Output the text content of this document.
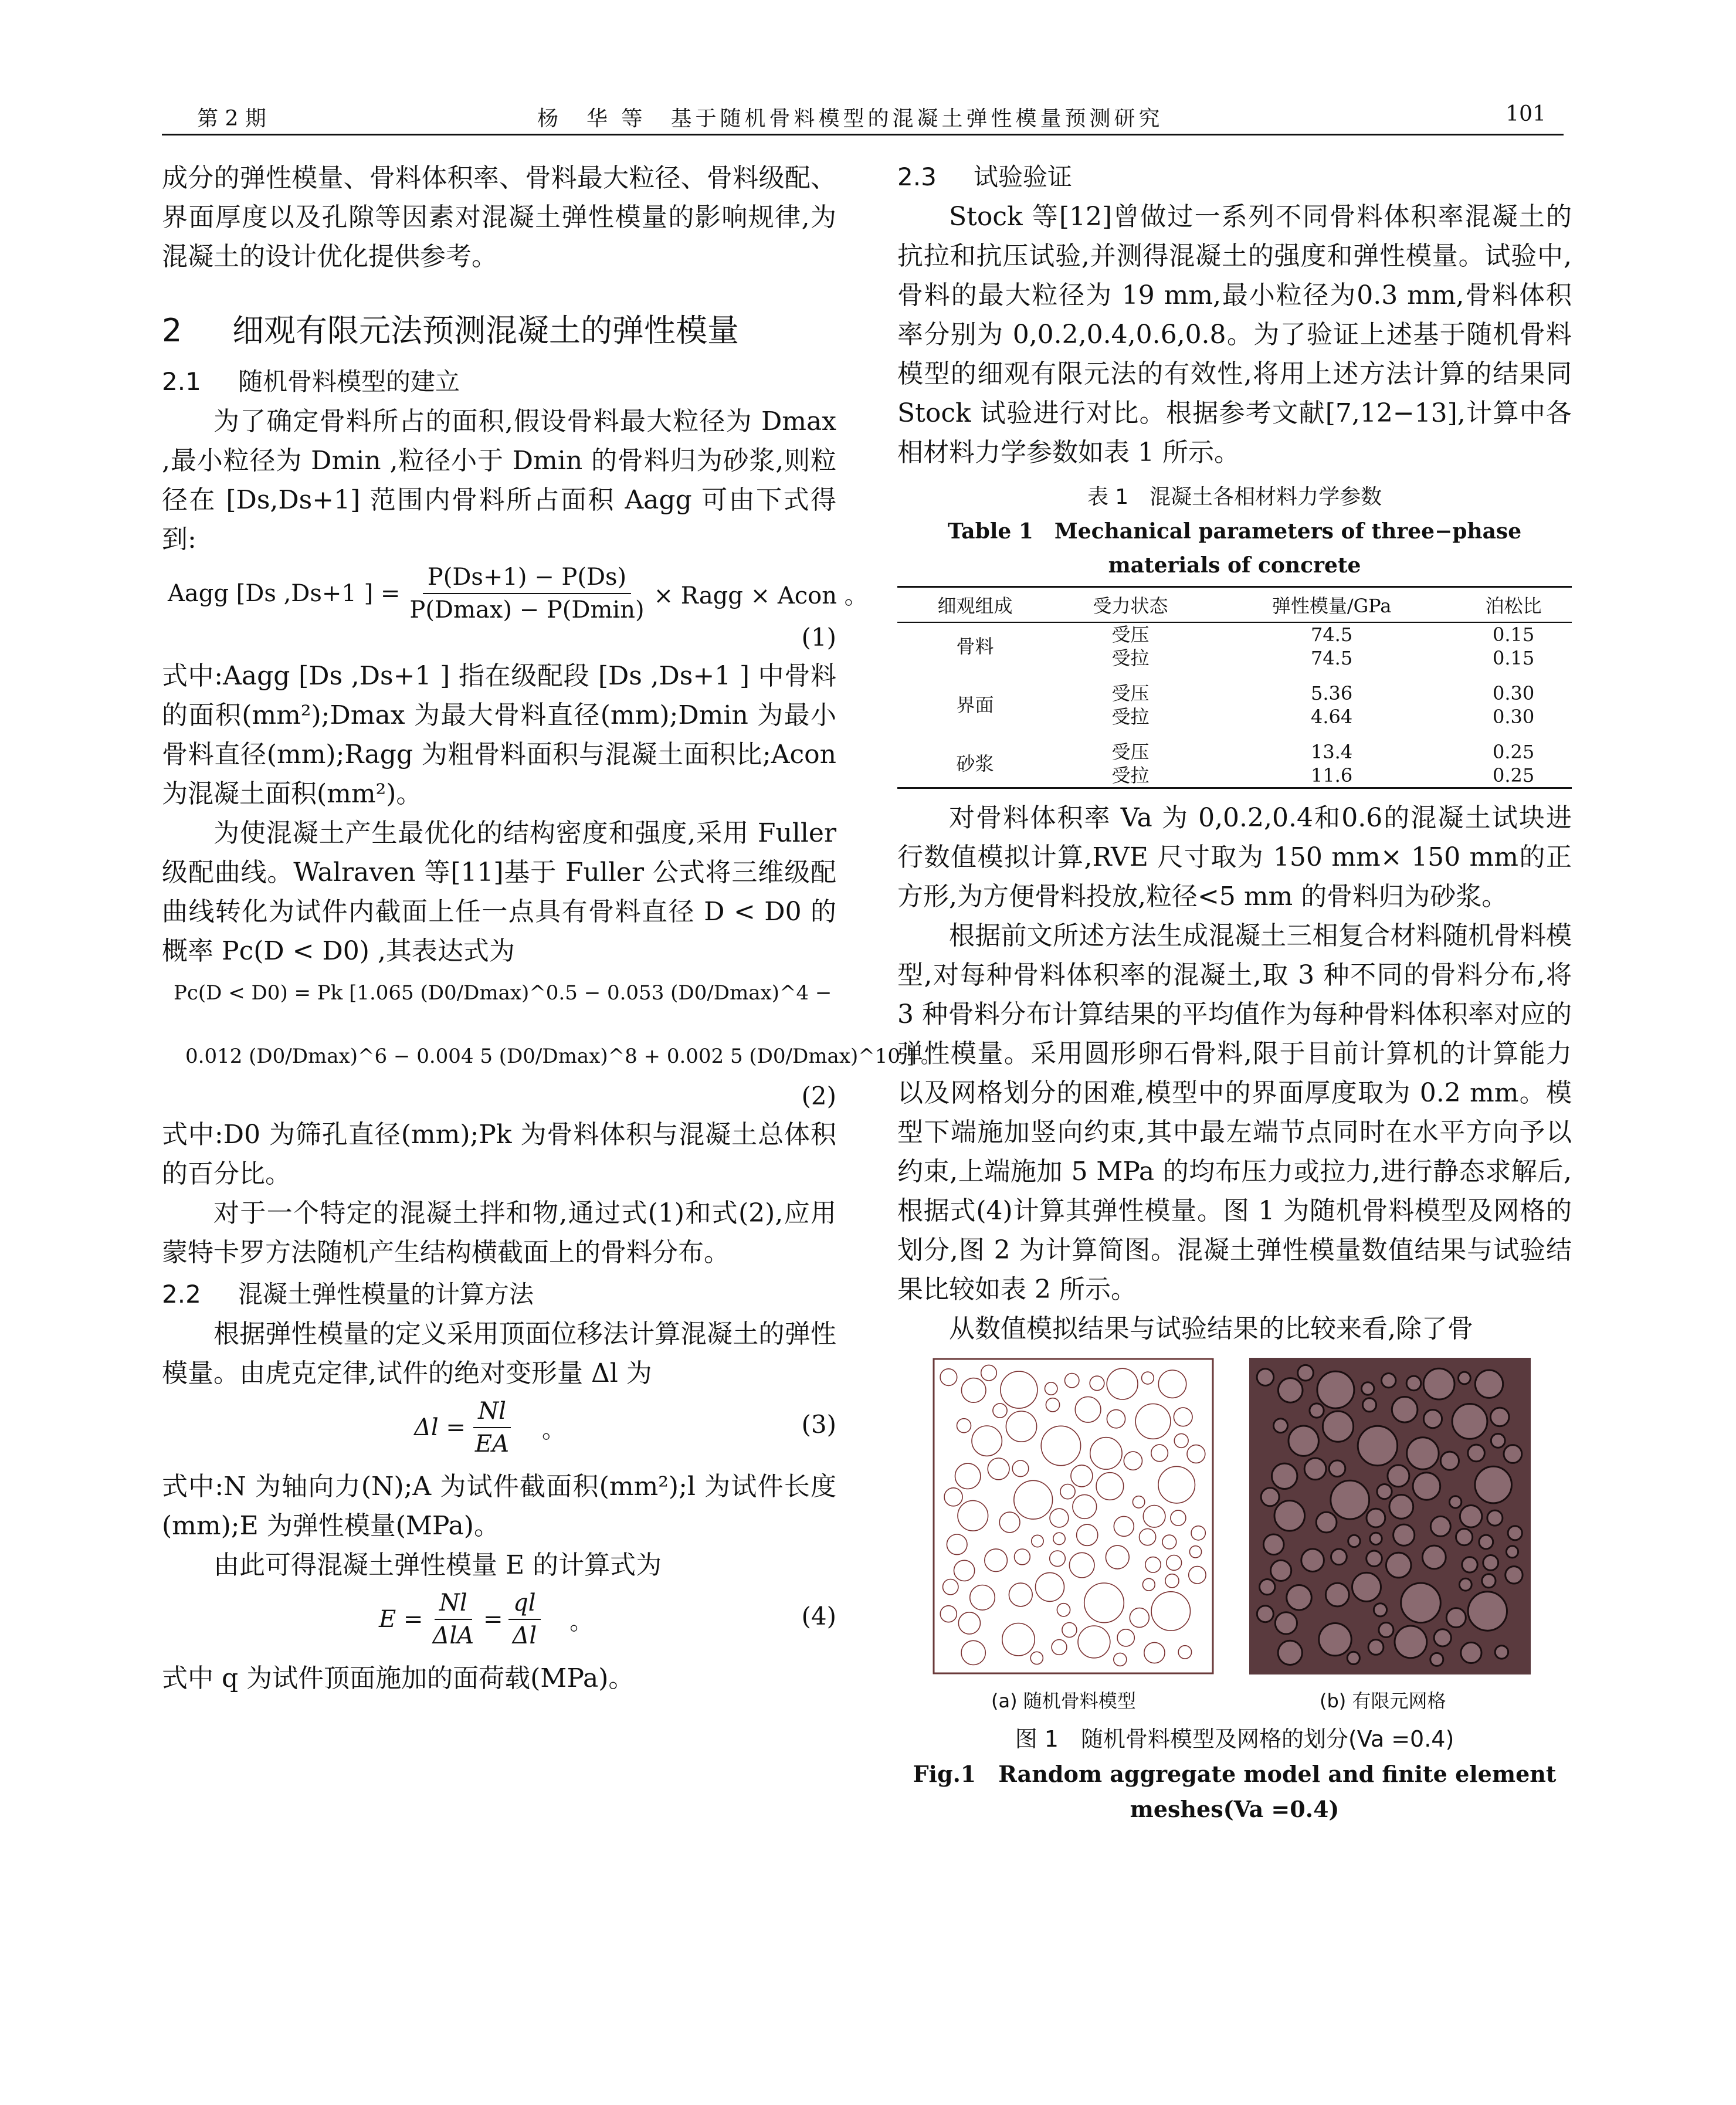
第 2 期	杨　华 等　基于随机骨料模型的混凝土弹性模量预测研究	101

成分的弹性模量、骨料体积率、骨料最大粒径、骨料级配、界面厚度以及孔隙等因素对混凝土弹性模量的影响规律,为混凝土的设计优化提供参考。

2	细观有限元法预测混凝土的弹性模量
2.1 随机骨料模型的建立

为了确定骨料所占的面积,假设骨料最大粒径为 Dmax ,最小粒径为 Dmin ,粒径小于 Dmin 的骨料归为砂浆,则粒径在 [Ds,Ds+1] 范围内骨料所占面积 Aagg 可由下式得到:

Aagg [Ds ,Ds+1 ] = $\frac{P(Ds+1) - P(Ds)}{P(Dmax) - P(Dmin)}$ × Ragg × Acon 。
(1)

式中:Aagg [Ds ,Ds+1 ] 指在级配段 [Ds ,Ds+1 ] 中骨料的面积(mm²);Dmax 为最大骨料直径(mm);Dmin 为最小骨料直径(mm);Ragg 为粗骨料面积与混凝土面积比;Acon 为混凝土面积(mm²)。

为使混凝土产生最优化的结构密度和强度,采用 Fuller 级配曲线。Walraven 等[11]基于 Fuller 公式将三维级配曲线转化为试件内截面上任一点具有骨料直径 D < D0 的概率 Pc(D < D0) ,其表达式为

Pc(D < D0) = Pk [1.065 (D0/Dmax)^0.5 − 0.053 (D0/Dmax)^4 −
0.012 (D0/Dmax)^6 − 0.004 5 (D0/Dmax)^8 + 0.002 5 (D0/Dmax)^10 ] 。
(2)

式中:D0 为筛孔直径(mm);Pk 为骨料体积与混凝土总体积的百分比。

对于一个特定的混凝土拌和物,通过式(1)和式(2),应用蒙特卡罗方法随机产生结构横截面上的骨料分布。

2.2 混凝土弹性模量的计算方法

根据弹性模量的定义采用顶面位移法计算混凝土的弹性模量。由虎克定律,试件的绝对变形量 Δl 为

$\Delta l = \frac{Nl}{EA}$ 。	(3)

式中:N 为轴向力(N);A 为试件截面积(mm²);l 为试件长度(mm);E 为弹性模量(MPa)。

由此可得混凝土弹性模量 E 的计算式为

$E = \frac{Nl}{\text{ΔlA}} = \frac{ql}{\Delta l}$ 。	(4)

式中 q 为试件顶面施加的面荷载(MPa)。

2.3 试验验证

Stock 等[12]曾做过一系列不同骨料体积率混凝土的抗拉和抗压试验,并测得混凝土的强度和弹性模量。试验中,骨料的最大粒径为 19 mm,最小粒径为0.3 mm,骨料体积率分别为 0,0.2,0.4,0.6,0.8。为了验证上述基于随机骨料模型的细观有限元法的有效性,将用上述方法计算的结果同 Stock 试验进行对比。根据参考文献[7,12−13],计算中各相材料力学参数如表 1 所示。

表 1　混凝土各相材料力学参数

Table 1　Mechanical parameters of three−phase

materials of concrete

细观组成	受力状态	弹性模量/GPa	泊松比
骨料	受压	74.5	0.15
	受拉	74.5	0.15

界面	受压	5.36	0.30
	受拉	4.64	0.30

砂浆	受压	13.4	0.25
	受拉	11.6	0.25

对骨料体积率 Va 为 0,0.2,0.4和0.6的混凝土试块进行数值模拟计算,RVE 尺寸取为 150 mm× 150 mm的正方形,为方便骨料投放,粒径<5 mm 的骨料归为砂浆。

根据前文所述方法生成混凝土三相复合材料随机骨料模型,对每种骨料体积率的混凝土,取 3 种不同的骨料分布,将 3 种骨料分布计算结果的平均值作为每种骨料体积率对应的弹性模量。采用圆形卵石骨料,限于目前计算机的计算能力以及网格划分的困难,模型中的界面厚度取为 0.2 mm。模型下端施加竖向约束,其中最左端节点同时在水平方向予以约束,上端施加 5 MPa 的均布压力或拉力,进行静态求解后,根据式(4)计算其弹性模量。图 1 为随机骨料模型及网格的划分,图 2 为计算简图。混凝土弹性模量数值结果与试验结果比较如表 2 所示。

从数值模拟结果与试验结果的比较来看,除了骨

(a) 随机骨料模型	(b) 有限元网格

图 1　随机骨料模型及网格的划分(Va =0.4)

Fig.1　Random aggregate model and finite element

meshes(Va =0.4)
